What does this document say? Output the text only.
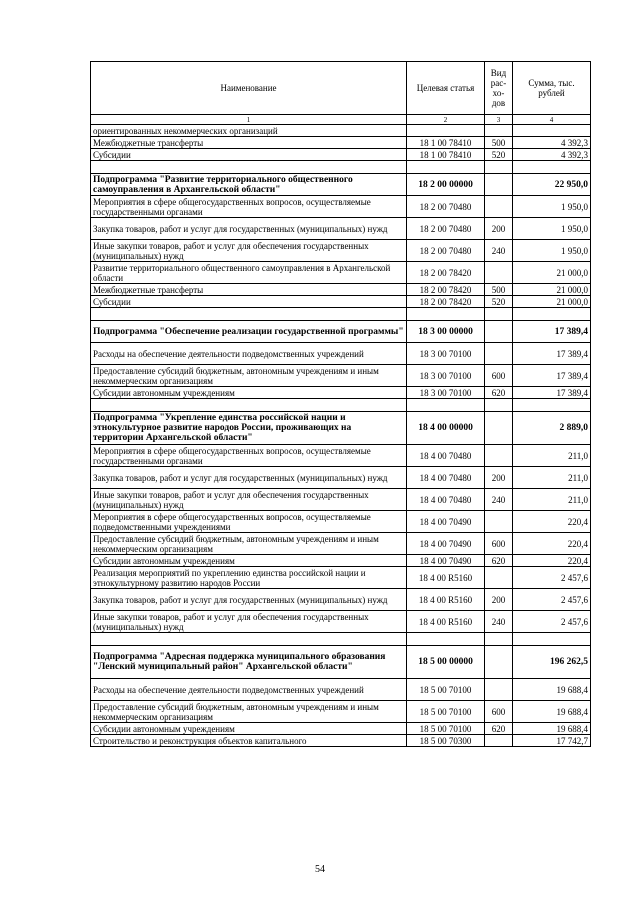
Наименование	Целевая статья	Вид рас- хо- дов	Сумма, тыс. рублей
1	2	3	4
ориентированных некоммерческих организаций			
Межбюджетные трансферты	18 1 00 78410	500	4 392,3
Субсидии	18 1 00 78410	520	4 392,3

Подпрограмма "Развитие территориального общественного самоуправления в Архангельской области"	18 2 00 00000		22 950,0
Мероприятия в сфере общегосударственных вопросов, осуществляемые государственными органами	18 2 00 70480		1 950,0
Закупка товаров, работ и услуг для государственных (муниципальных) нужд	18 2 00 70480	200	1 950,0
Иные закупки товаров, работ и услуг для обеспечения государственных (муниципальных) нужд	18 2 00 70480	240	1 950,0
Развитие территориального общественного самоуправления в Архангельской области	18 2 00 78420		21 000,0
Межбюджетные трансферты	18 2 00 78420	500	21 000,0
Субсидии	18 2 00 78420	520	21 000,0

Подпрограмма "Обеспечение реализации государственной программы"	18 3 00 00000		17 389,4
Расходы на обеспечение деятельности подведомственных учреждений	18 3 00 70100		17 389,4
Предоставление субсидий бюджетным, автономным учреждениям и иным некоммерческим организациям	18 3 00 70100	600	17 389,4
Субсидии автономным учреждениям	18 3 00 70100	620	17 389,4

Подпрограмма "Укрепление единства российской нации и этнокультурное развитие народов России, проживающих на территории Архангельской области"	18 4 00 00000		2 889,0
Мероприятия в сфере общегосударственных вопросов, осуществляемые государственными органами	18 4 00 70480		211,0
Закупка товаров, работ и услуг для государственных (муниципальных) нужд	18 4 00 70480	200	211,0
Иные закупки товаров, работ и услуг для обеспечения государственных (муниципальных) нужд	18 4 00 70480	240	211,0
Мероприятия в сфере общегосударственных вопросов, осуществляемые подведомственными учреждениями	18 4 00 70490		220,4
Предоставление субсидий бюджетным, автономным учреждениям и иным некоммерческим организациям	18 4 00 70490	600	220,4
Субсидии автономным учреждениям	18 4 00 70490	620	220,4
Реализация мероприятий по укреплению единства российской нации и этнокультурному развитию народов России	18 4 00 R5160		2 457,6
Закупка товаров, работ и услуг для государственных (муниципальных) нужд	18 4 00 R5160	200	2 457,6
Иные закупки товаров, работ и услуг для обеспечения государственных (муниципальных) нужд	18 4 00 R5160	240	2 457,6

Подпрограмма "Адресная поддержка муниципального образования "Ленский муниципальный район" Архангельской области"	18 5 00 00000		196 262,5
Расходы на обеспечение деятельности подведомственных учреждений	18 5 00 70100		19 688,4
Предоставление субсидий бюджетным, автономным учреждениям и иным некоммерческим организациям	18 5 00 70100	600	19 688,4
Субсидии автономным учреждениям	18 5 00 70100	620	19 688,4
Строительство и реконструкция объектов капитального	18 5 00 70300		17 742,7
54
